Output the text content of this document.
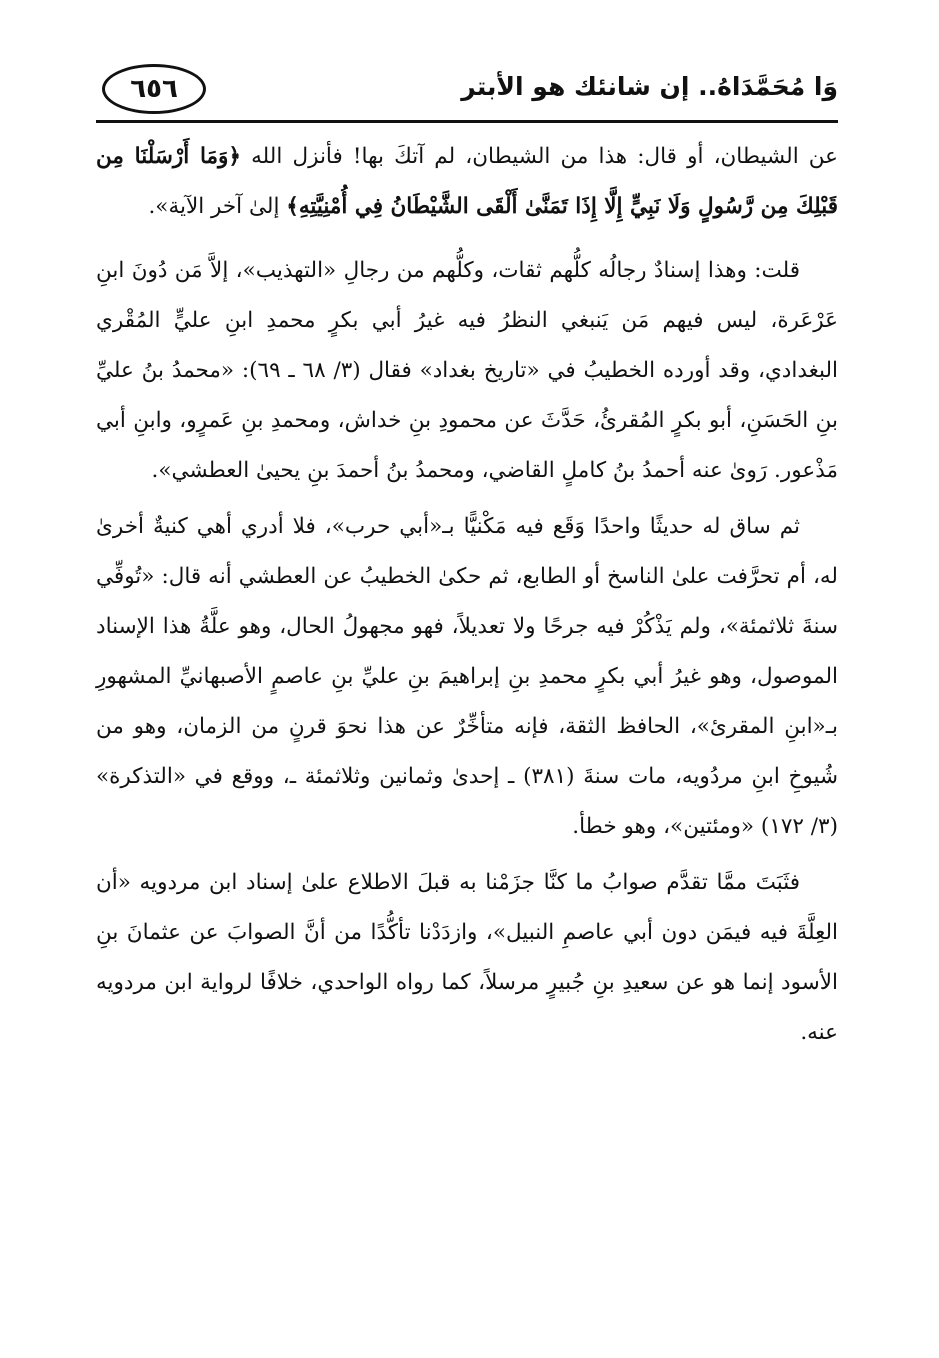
وَا مُحَمَّدَاهُ.. إن شانئك هو الأبتر
٦٥٦

عن الشيطان، أو قال: هذا من الشيطان، لم آتكَ بها! فأنزل الله ﴿وَمَا أَرْسَلْنَا مِن قَبْلِكَ مِن رَّسُولٍ وَلَا نَبِيٍّ إِلَّا إِذَا تَمَنَّىٰ أَلْقَى الشَّيْطَانُ فِي أُمْنِيَّتِهِ﴾ إلىٰ آخر الآية».

قلت: وهذا إسنادٌ رجالُه كلُّهم ثقات، وكلُّهم من رجالِ «التهذيب»، إلاَّ مَن دُونَ ابنِ عَرْعَرة، ليس فيهم مَن يَنبغي النظرُ فيه غيرُ أبي بكرٍ محمدِ ابنِ عليٍّ المُقْري البغدادي، وقد أورده الخطيبُ في «تاريخ بغداد» فقال (٣/ ٦٨ ـ ٦٩): «محمدُ بنُ عليِّ بنِ الحَسَنِ، أبو بكرٍ المُقرئُ، حَدَّثَ عن محمودِ بنِ خداش، ومحمدِ بنِ عَمرٍو، وابنِ أبي مَذْعور. رَوىٰ عنه أحمدُ بنُ كاملٍ القاضي، ومحمدُ بنُ أحمدَ بنِ يحيىٰ العطشي».

ثم ساق له حديثًا واحدًا وَقَع فيه مَكْنيًّا بـ«أبي حرب»، فلا أدري أهي كنيةٌ أخرىٰ له، أم تحرَّفت علىٰ الناسخ أو الطابع، ثم حكىٰ الخطيبُ عن العطشي أنه قال: «تُوفِّي سنةَ ثلاثمئة»، ولم يَذْكُرْ فيه جرحًا ولا تعديلاً، فهو مجهولُ الحال، وهو علَّةُ هذا الإسناد الموصول، وهو غيرُ أبي بكرٍ محمدِ بنِ إبراهيمَ بنِ عليِّ بنِ عاصمٍ الأصبهانيِّ المشهورِ بـ«ابنِ المقرئ»، الحافظ الثقة، فإنه متأخِّرٌ عن هذا نحوَ قرنٍ من الزمان، وهو من شُيوخِ ابنِ مردُويه، مات سنةَ (٣٨١) ـ إحدىٰ وثمانين وثلاثمئة ـ، ووقع في «التذكرة» (٣/ ١٧٢) «ومئتين»، وهو خطأ.

فثَبَتَ ممَّا تقدَّم صوابُ ما كنَّا جزَمْنا به قبلَ الاطلاع علىٰ إسناد ابن مردويه «أن العِلَّةَ فيه فيمَن دون أبي عاصمِ النبيل»، وازدَدْنا تأكُّدًا من أنَّ الصوابَ عن عثمانَ بنِ الأسود إنما هو عن سعيدِ بنِ جُبيرٍ مرسلاً، كما رواه الواحدي، خلافًا لرواية ابن مردويه عنه.
